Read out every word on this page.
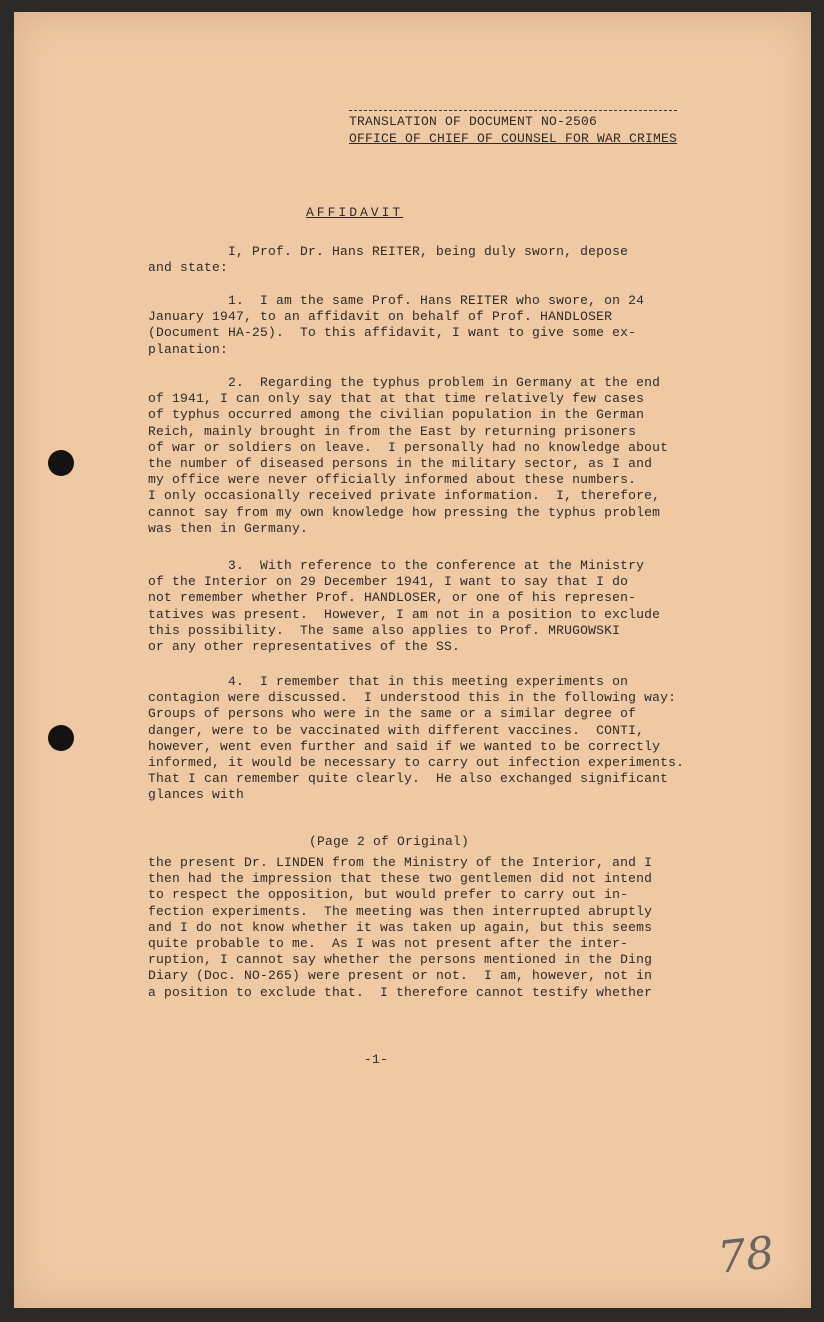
TRANSLATION OF DOCUMENT NO-2506
OFFICE OF CHIEF OF COUNSEL FOR WAR CRIMES
AFFIDAVIT

I, Prof. Dr. Hans REITER, being duly sworn, depose
and state:

1.  I am the same Prof. Hans REITER who swore, on 24
January 1947, to an affidavit on behalf of Prof. HANDLOSER
(Document HA-25).  To this affidavit, I want to give some ex-
planation:

2.  Regarding the typhus problem in Germany at the end
of 1941, I can only say that at that time relatively few cases
of typhus occurred among the civilian population in the German
Reich, mainly brought in from the East by returning prisoners
of war or soldiers on leave.  I personally had no knowledge about
the number of diseased persons in the military sector, as I and
my office were never officially informed about these numbers.
I only occasionally received private information.  I, therefore,
cannot say from my own knowledge how pressing the typhus problem
was then in Germany.

3.  With reference to the conference at the Ministry
of the Interior on 29 December 1941, I want to say that I do
not remember whether Prof. HANDLOSER, or one of his represen-
tatives was present.  However, I am not in a position to exclude
this possibility.  The same also applies to Prof. MRUGOWSKI
or any other representatives of the SS.

4.  I remember that in this meeting experiments on
contagion were discussed.  I understood this in the following way:
Groups of persons who were in the same or a similar degree of
danger, were to be vaccinated with different vaccines.  CONTI,
however, went even further and said if we wanted to be correctly
informed, it would be necessary to carry out infection experiments.
That I can remember quite clearly.  He also exchanged significant
glances with

(Page 2 of Original)

the present Dr. LINDEN from the Ministry of the Interior, and I
then had the impression that these two gentlemen did not intend
to respect the opposition, but would prefer to carry out in-
fection experiments.  The meeting was then interrupted abruptly
and I do not know whether it was taken up again, but this seems
quite probable to me.  As I was not present after the inter-
ruption, I cannot say whether the persons mentioned in the Ding
Diary (Doc. NO-265) were present or not.  I am, however, not in
a position to exclude that.  I therefore cannot testify whether

-1-
78
